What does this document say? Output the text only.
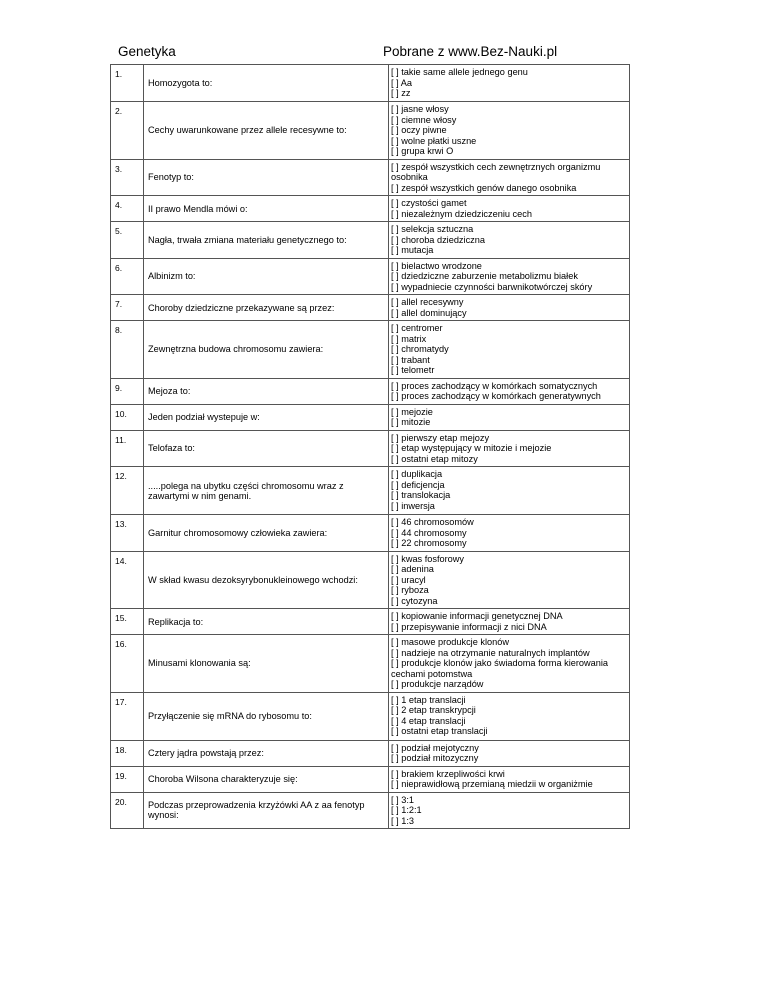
Genetyka	Pobrane z www.Bez-Nauki.pl
1.	Homozygota to:	[ ] takie same allele jednego genu
[ ] Aa
[ ] zz

2.	Cechy uwarunkowane przez allele recesywne to:	[ ] jasne włosy
[ ] ciemne włosy
[ ] oczy piwne
[ ] wolne płatki uszne
[ ] grupa krwi O

3.	Fenotyp to:	[ ] zespół wszystkich cech zewnętrznych organizmu osobnika
[ ] zespół wszystkich genów danego osobnika

4.	II prawo Mendla mówi o:	[ ] czystości gamet
[ ] niezależnym dziedziczeniu cech

5.	Nagła, trwała zmiana materiału genetycznego to:	[ ] selekcja sztuczna
[ ] choroba dziedziczna
[ ] mutacja

6.	Albinizm to:	[ ] bielactwo wrodzone
[ ] dziedziczne zaburzenie metabolizmu białek
[ ] wypadniecie czynności barwnikotwórczej skóry

7.	Choroby dziedziczne przekazywane są przez:	[ ] allel recesywny
[ ] allel dominujący

8.	Zewnętrzna budowa chromosomu zawiera:	[ ] centromer
[ ] matrix
[ ] chromatydy
[ ] trabant
[ ] telometr

9.	Mejoza to:	[ ] proces zachodzący w komórkach somatycznych
[ ] proces zachodzący w komórkach generatywnych

10.	Jeden podział wystepuje w:	[ ] mejozie
[ ] mitozie

11.	Telofaza to:	[ ] pierwszy etap mejozy
[ ] etap występujący w mitozie i mejozie
[ ] ostatni etap mitozy

12.	.....polega na ubytku części chromosomu wraz z zawartymi w nim genami.	[ ] duplikacja
[ ] deficjencja
[ ] translokacja
[ ] inwersja

13.	Garnitur chromosomowy człowieka zawiera:	[ ] 46 chromosomów
[ ] 44 chromosomy
[ ] 22 chromosomy

14.	W skład kwasu dezoksyrybonukleinowego wchodzi:	[ ] kwas fosforowy
[ ] adenina
[ ] uracyl
[ ] ryboza
[ ] cytozyna

15.	Replikacja to:	[ ] kopiowanie informacji genetycznej DNA
[ ] przepisywanie informacji z nici DNA

16.	Minusami klonowania są:	[ ] masowe produkcje klonów
[ ] nadzieje na otrzymanie naturalnych implantów
[ ] produkcje klonów jako świadoma forma kierowania cechami potomstwa
[ ] produkcje narządów

17.	Przyłączenie się mRNA do rybosomu to:	[ ] 1 etap translacji
[ ] 2 etap transkrypcji
[ ] 4 etap translacji
[ ] ostatni etap translacji

18.	Cztery jądra powstają przez:	[ ] podział mejotyczny
[ ] podział mitozyczny

19.	Choroba Wilsona charakteryzuje się:	[ ] brakiem krzepliwości krwi
[ ] nieprawidłową przemianą miedzii w organiżmie

20.	Podczas przeprowadzenia krzyżówki AA z aa fenotyp wynosi:	[ ] 3:1
[ ] 1:2:1
[ ] 1:3
